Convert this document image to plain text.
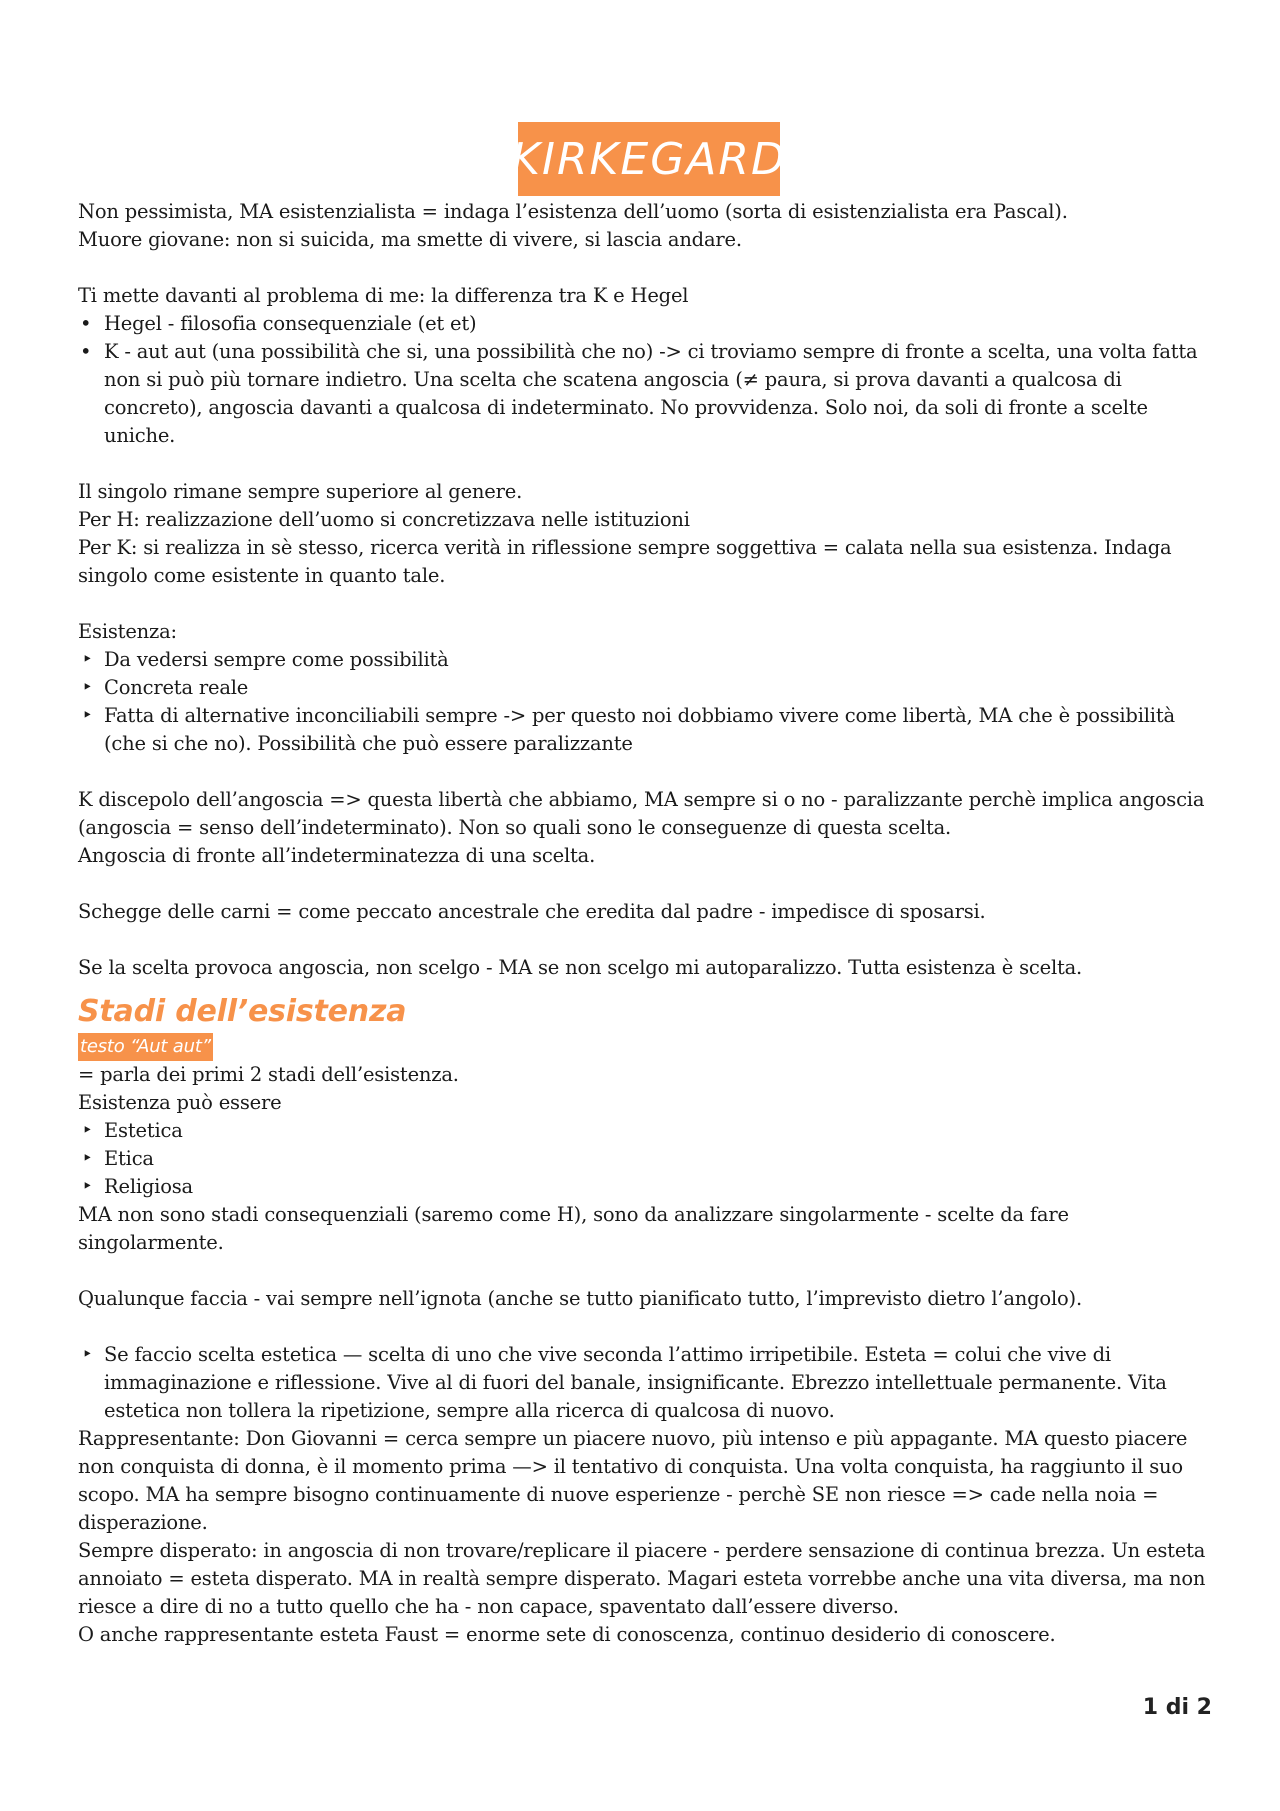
KIRKEGARD

Non pessimista, MA esistenzialista = indaga l’esistenza dell’uomo (sorta di esistenzialista era Pascal).

Muore giovane: non si suicida, ma smette di vivere, si lascia andare.

Ti mette davanti al problema di me: la differenza tra K e Hegel

• Hegel - filosofia consequenziale (et et)
• K - aut aut (una possibilità che si, una possibilità che no) -> ci troviamo sempre di fronte a scelta, una volta fatta non si può più tornare indietro. Una scelta che scatena angoscia (≠ paura, si prova davanti a qualcosa di concreto), angoscia davanti a qualcosa di indeterminato. No provvidenza. Solo noi, da soli di fronte a scelte uniche.

Il singolo rimane sempre superiore al genere.

Per H: realizzazione dell’uomo si concretizzava nelle istituzioni

Per K: si realizza in sè stesso, ricerca verità in riflessione sempre soggettiva = calata nella sua esistenza. Indaga singolo come esistente in quanto tale.

Esistenza:

‣ Da vedersi sempre come possibilità
‣ Concreta reale
‣ Fatta di alternative inconciliabili sempre -> per questo noi dobbiamo vivere come libertà, MA che è possibilità (che si che no). Possibilità che può essere paralizzante

K discepolo dell’angoscia => questa libertà che abbiamo, MA sempre si o no - paralizzante perchè implica angoscia (angoscia = senso dell’indeterminato). Non so quali sono le conseguenze di questa scelta.

Angoscia di fronte all’indeterminatezza di una scelta.

Schegge delle carni = come peccato ancestrale che eredita dal padre - impedisce di sposarsi.

Se la scelta provoca angoscia, non scelgo - MA se non scelgo mi autoparalizzo. Tutta esistenza è scelta.

Stadi dell’esistenza
testo “Aut aut”

= parla dei primi 2 stadi dell’esistenza.

Esistenza può essere

‣ Estetica
‣ Etica
‣ Religiosa

MA non sono stadi consequenziali (saremo come H), sono da analizzare singolarmente - scelte da fare singolarmente.

Qualunque faccia - vai sempre nell’ignota (anche se tutto pianificato tutto, l’imprevisto dietro l’angolo).

‣ Se faccio scelta estetica — scelta di uno che vive seconda l’attimo irripetibile. Esteta = colui che vive di immaginazione e riflessione. Vive al di fuori del banale, insignificante. Ebrezzo intellettuale permanente. Vita estetica non tollera la ripetizione, sempre alla ricerca di qualcosa di nuovo.

Rappresentante: Don Giovanni = cerca sempre un piacere nuovo, più intenso e più appagante. MA questo piacere non conquista di donna, è il momento prima —> il tentativo di conquista. Una volta conquista, ha raggiunto il suo scopo. MA ha sempre bisogno continuamente di nuove esperienze - perchè SE non riesce => cade nella noia = disperazione.

Sempre disperato: in angoscia di non trovare/replicare il piacere - perdere sensazione di continua brezza. Un esteta annoiato = esteta disperato. MA in realtà sempre disperato. Magari esteta vorrebbe anche una vita diversa, ma non riesce a dire di no a tutto quello che ha - non capace, spaventato dall’essere diverso.

O anche rappresentante esteta Faust = enorme sete di conoscenza, continuo desiderio di conoscere.

1 di 2
